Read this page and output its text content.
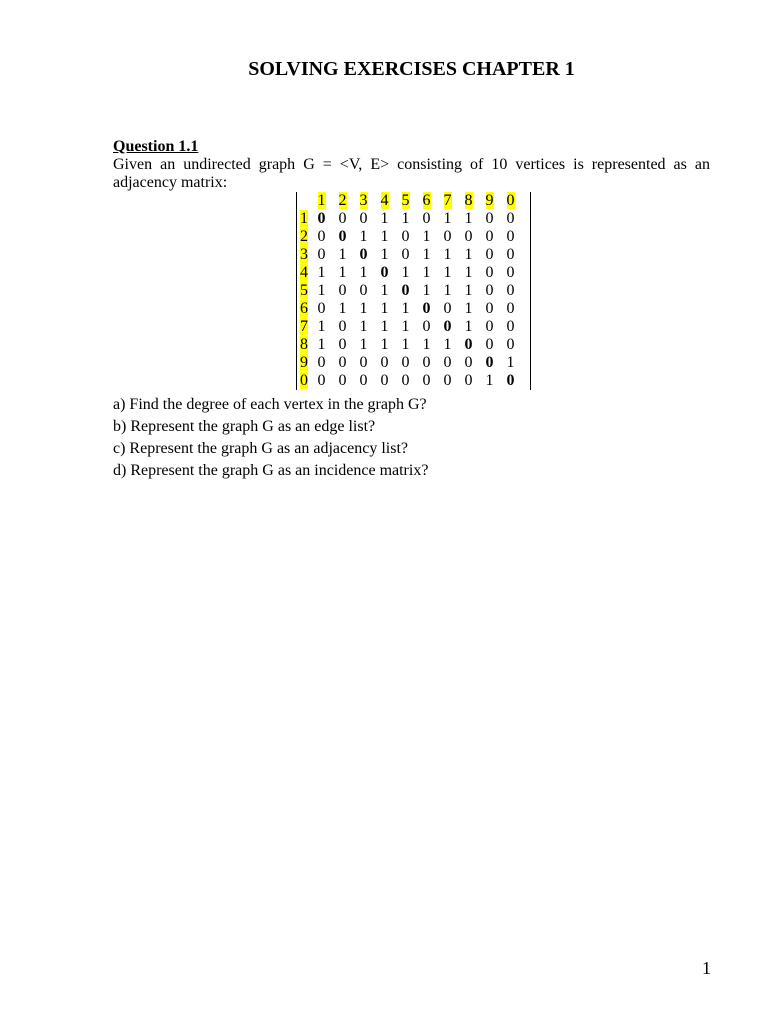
SOLVING EXERCISES CHAPTER 1
Question 1.1

Given an undirected graph G = <V, E> consisting of 10 vertices is represented as an adjacency matrix:

	1	2	3	4	5	6	7	8	9	0
1	0	0	0	1	1	0	1	1	0	0
2	0	0	1	1	0	1	0	0	0	0
3	0	1	0	1	0	1	1	1	0	0
4	1	1	1	0	1	1	1	1	0	0
5	1	0	0	1	0	1	1	1	0	0
6	0	1	1	1	1	0	0	1	0	0
7	1	0	1	1	1	0	0	1	0	0
8	1	0	1	1	1	1	1	0	0	0
9	0	0	0	0	0	0	0	0	0	1
0	0	0	0	0	0	0	0	0	1	0
a) Find the degree of each vertex in the graph G?
b) Represent the graph G as an edge list?
c) Represent the graph G as an adjacency list?
d) Represent the graph G as an incidence matrix?
1
